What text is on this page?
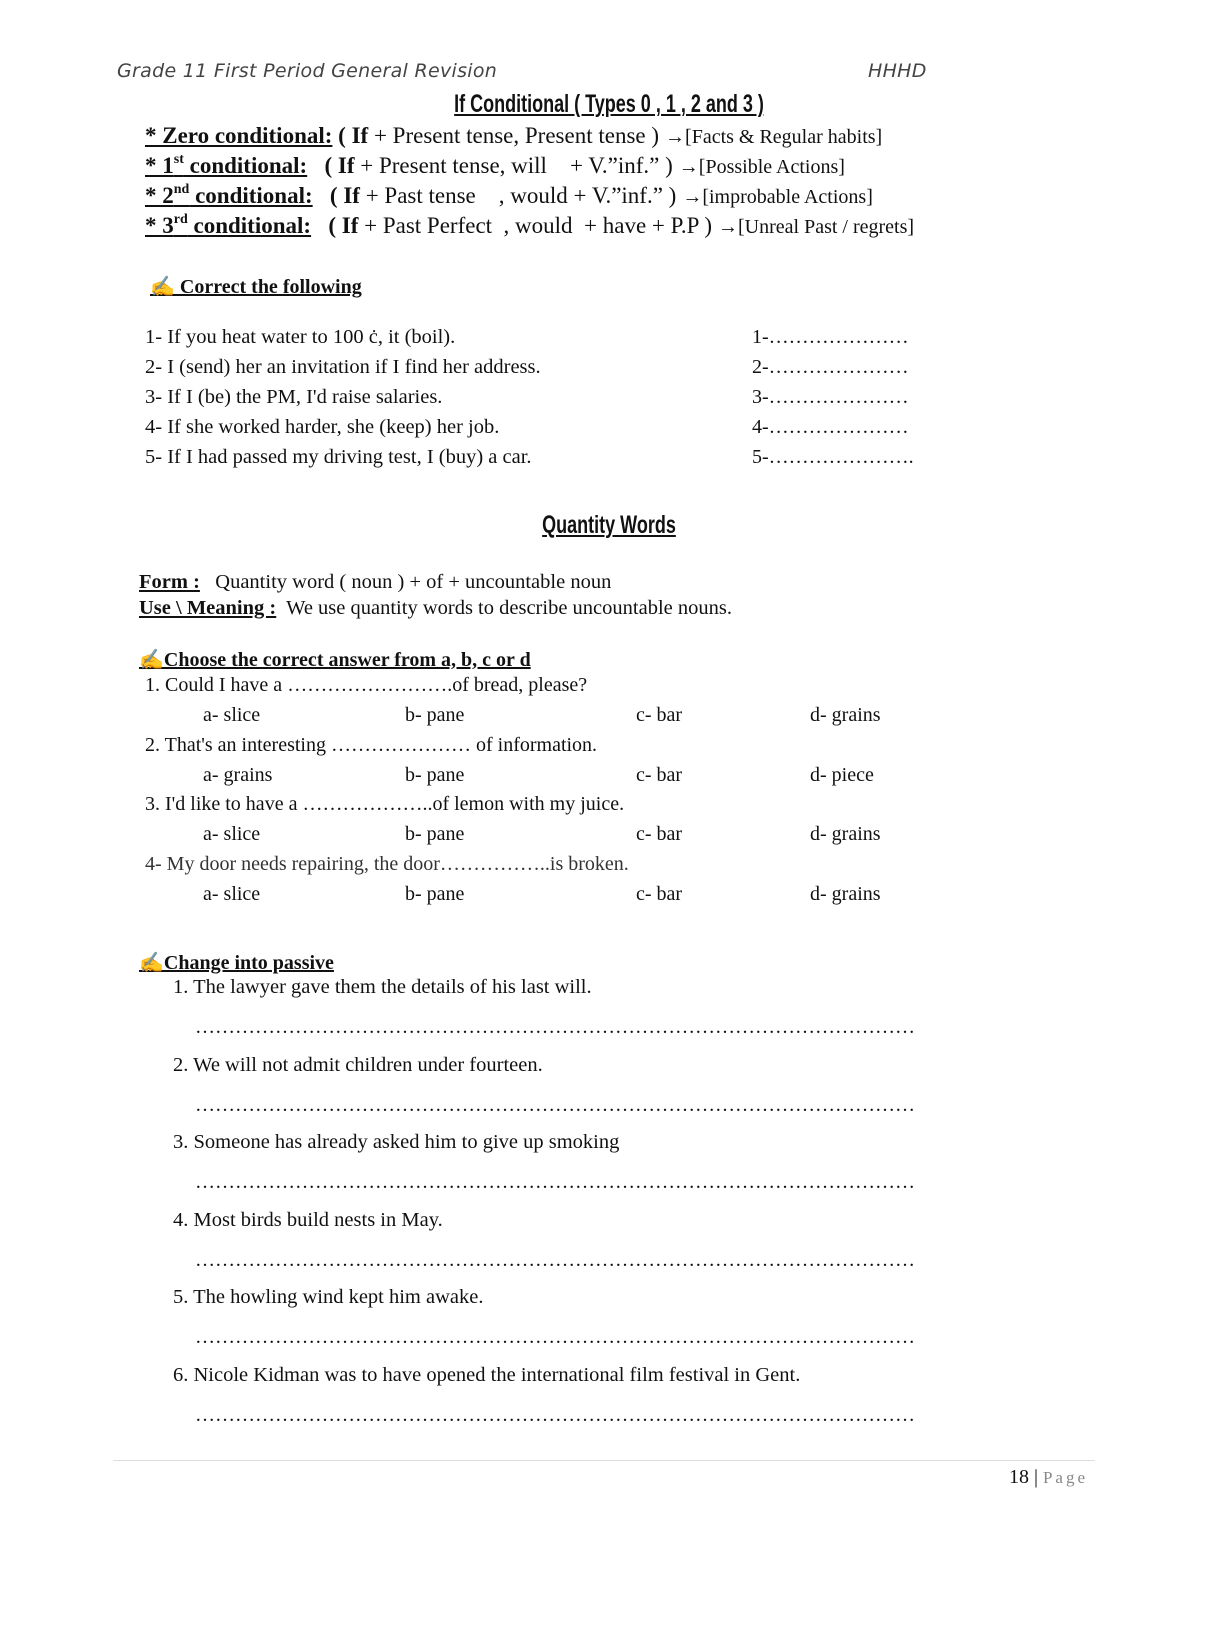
Grade 11 First Period General Revision	HHHD
If Conditional ( Types 0 , 1 , 2 and 3 )
* Zero conditional: ( If + Present tense, Present tense ) →[Facts & Regular habits]
* 1st conditional: ( If + Present tense, will    + V.”inf.” ) →[Possible Actions]
* 2nd conditional: ( If + Past tense    , would + V.”inf.” ) →[improbable Actions]
* 3rd conditional: ( If + Past Perfect  , would  + have + P.P ) →[Unreal Past / regrets]
✍ Correct the following
1- If you heat water to 100 ċ, it (boil).	1-…………………
2- I (send) her an invitation if I find her address.	2-…………………
3- If I (be) the PM, I'd raise salaries.	3-…………………
4- If she worked harder, she (keep) her job.	4-…………………
5- If I had passed my driving test, I (buy) a car.	5-………………….
Quantity Words
Form : Quantity word ( noun ) + of + uncountable noun
Use \ Meaning : We use quantity words to describe uncountable nouns.
✍Choose the correct answer from a, b, c or d
1. Could I have a …………………….of bread, please?
a- slice	b- pane	c- bar	d- grains
2. That's an interesting ………………… of information.
a- grains	b- pane	c- bar	d- piece
3. I'd like to have a ………………..of lemon with my juice.
a- slice	b- pane	c- bar	d- grains
4- My door needs repairing, the door……………..is broken.
a- slice	b- pane	c- bar	d- grains
✍Change into passive
1. The lawyer gave them the details of his last will.
………………………………………………………………………………………………
2. We will not admit children under fourteen.
………………………………………………………………………………………………
3. Someone has already asked him to give up smoking
………………………………………………………………………………………………
4. Most birds build nests in May.
………………………………………………………………………………………………
5. The howling wind kept him awake.
………………………………………………………………………………………………
6. Nicole Kidman was to have opened the international film festival in Gent.
………………………………………………………………………………………………
18 | Page
